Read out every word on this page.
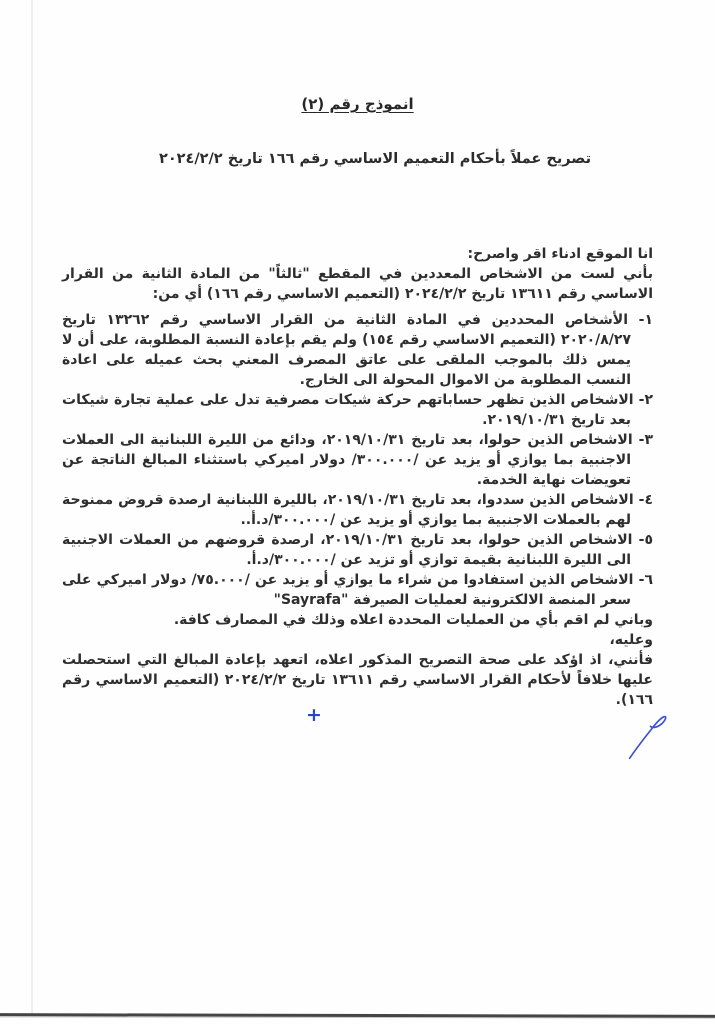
انموذج رقم (٢)
تصريح عملاً بأحكام التعميم الاساسي رقم ١٦٦ تاريخ ٢٠٢٤/٢/٢

انا الموقع ادناء اقر واصرح:

بأني لست من الاشخاص المعددين في المقطع "ثالثاً" من المادة الثانية من القرار الاساسي رقم ١٣٦١١ تاريخ ٢٠٢٤/٢/٢ (التعميم الاساسي رقم ١٦٦) أي من:

١- الأشخاص المحددين في المادة الثانية من القرار الاساسي رقم ١٣٢٦٢ تاريخ ٢٠٢٠/٨/٢٧ (التعميم الاساسي رقم ١٥٤) ولم يقم بإعادة النسبة المطلوبة، على أن لا يمس ذلك بالموجب الملقى على عاتق المصرف المعني بحث عميله على اعادة النسب المطلوبة من الاموال المحولة الى الخارج.
٢- الاشخاص الذين تظهر حساباتهم حركة شيكات مصرفية تدل على عملية تجارة شيكات بعد تاريخ ٢٠١٩/١٠/٣١.
٣- الاشخاص الذين حولوا، بعد تاريخ ٢٠١٩/١٠/٣١، ودائع من الليرة اللبنانية الى العملات الاجنبية بما يوازي أو يزيد عن /٣٠٠.٠٠٠/ دولار اميركي باستثناء المبالغ الناتجة عن تعويضات نهاية الخدمة.
٤- الاشخاص الذين سددوا، بعد تاريخ ٢٠١٩/١٠/٣١، بالليرة اللبنانية ارصدة قروض ممنوحة لهم بالعملات الاجنبية بما يوازي أو يزيد عن /٣٠٠.٠٠٠/د.أ..
٥- الاشخاص الذين حولوا، بعد تاريخ ٢٠١٩/١٠/٣١، ارصدة قروضهم من العملات الاجنبية الى الليرة اللبنانية بقيمة توازي أو تزيد عن /٣٠٠.٠٠٠/د.أ.
٦- الاشخاص الذين استفادوا من شراء ما يوازي أو يزيد عن /٧٥.٠٠٠/ دولار اميركي على سعر المنصة الالكترونية لعمليات الصيرفة "Sayrafa"

وباني لم اقم بأي من العمليات المحددة اعلاه وذلك في المصارف كافة.

وعليه،

فأنني، اذ اؤكد على صحة التصريح المذكور اعلاه، اتعهد بإعادة المبالغ التي استحصلت عليها خلافاً لأحكام القرار الاساسي رقم ١٣٦١١ تاريخ ٢٠٢٤/٢/٢ (التعميم الاساسي رقم ١٦٦).

+
